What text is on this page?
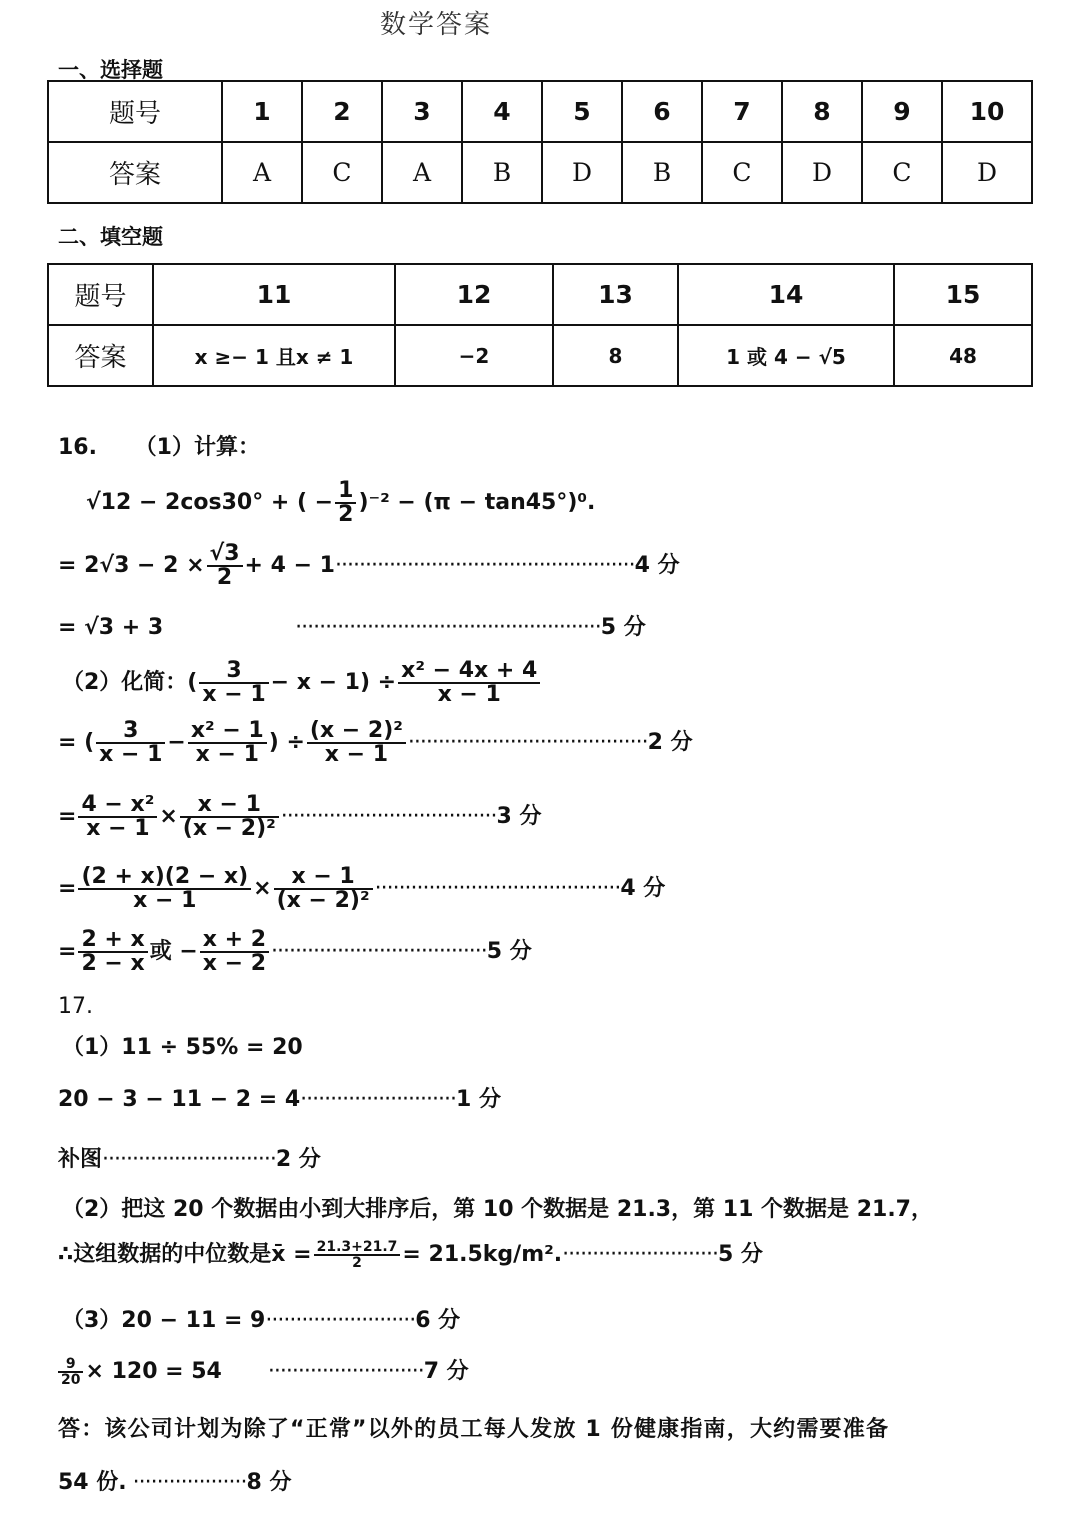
数学答案
一、选择题
题号	1	2	3	4	5	6	7	8	9	10
答案	A	C	A	B	D	B	C	D	C	D
二、填空题
题号	11	12	13	14	15
答案	x ≥− 1 且x ≠ 1	−2	8	1 或 4 − √5	48
16. （1）计算：
√12 − 2cos30° + ( − $\frac{1}{2} )^{-2} - (\pi - \tan 45^\circ)^0$.
= $2√3 - 2 \times \frac{√3}{2} + 4 - 1\cdot\cdot\cdot\cdot\cdot\cdot\cdot\cdot\cdot\cdot\cdot\cdot\cdot\cdot\cdot\cdot\cdot\cdot\cdot\cdot\cdot\cdot\cdot\cdot\cdot\cdot\cdot\cdot\cdot\cdot\cdot\cdot\cdot\cdot\cdot\cdot\cdot\cdot\cdot\cdot\cdot\cdot\cdot\cdot\cdot\cdot\cdot\cdot\cdot\cdot 4$ 分
= √3 + 3	···················································5 分
（2）化简：( $\frac{3}{x - 1} - x - 1) \div \frac{\text{x² − 4x + 4}}{x - 1}$
= ( $\frac{3}{x - 1} - \frac{\text{x² − 1}}{x - 1}$ ) ÷ $\frac{\text{(x − 2)²}}{x - 1} \cdot\cdot\cdot\cdot\cdot\cdot\cdot\cdot\cdot\cdot\cdot\cdot\cdot\cdot\cdot\cdot\cdot\cdot\cdot\cdot\cdot\cdot\cdot\cdot\cdot\cdot\cdot\cdot\cdot\cdot\cdot\cdot\cdot\cdot\cdot\cdot\cdot\cdot\cdot\cdot 2$ 分
= $\frac{\text{4 − x²}}{x - 1} \times \frac{x - 1}{\text{(x − 2)²}} \cdot\cdot\cdot\cdot\cdot\cdot\cdot\cdot\cdot\cdot\cdot\cdot\cdot\cdot\cdot\cdot\cdot\cdot\cdot\cdot\cdot\cdot\cdot\cdot\cdot\cdot\cdot\cdot\cdot\cdot\cdot\cdot\cdot\cdot\cdot\cdot 3$ 分
= $\frac{(2 + x)(2 - x)}{x - 1} \times \frac{x - 1}{\text{(x − 2)²}} \cdot\cdot\cdot\cdot\cdot\cdot\cdot\cdot\cdot\cdot\cdot\cdot\cdot\cdot\cdot\cdot\cdot\cdot\cdot\cdot\cdot\cdot\cdot\cdot\cdot\cdot\cdot\cdot\cdot\cdot\cdot\cdot\cdot\cdot\cdot\cdot\cdot\cdot\cdot\cdot\cdot 4$ 分
= $\frac{2 + x}{2 - x}$ 或 − $\frac{x + 2}{x - 2} \cdot\cdot\cdot\cdot\cdot\cdot\cdot\cdot\cdot\cdot\cdot\cdot\cdot\cdot\cdot\cdot\cdot\cdot\cdot\cdot\cdot\cdot\cdot\cdot\cdot\cdot\cdot\cdot\cdot\cdot\cdot\cdot\cdot\cdot\cdot\cdot 5$ 分
17.
（1）11 ÷ 55% = 20
20 − 3 − 11 − 2 = 4··························1 分
补图·····························2 分
（2）把这 20 个数据由小到大排序后，第 10 个数据是 21.3，第 11 个数据是 21.7，
∴这组数据的中位数是x̄ = $\frac{21.3+21.7}{2} = 21.5kg/m^2.\cdot\cdot\cdot\cdot\cdot\cdot\cdot\cdot\cdot\cdot\cdot\cdot\cdot\cdot\cdot\cdot\cdot\cdot\cdot\cdot\cdot\cdot\cdot\cdot\cdot\cdot 5$ 分
（3）20 − 11 = 9·························6 分
$\frac{9}{20} \times 120 = 54 \cdot\cdot\cdot\cdot\cdot\cdot\cdot\cdot\cdot\cdot\cdot\cdot\cdot\cdot\cdot\cdot\cdot\cdot\cdot\cdot\cdot\cdot\cdot\cdot\cdot\cdot 7$ 分
答：该公司计划为除了“正常”以外的员工每人发放 1 份健康指南，大约需要准备
54 份. ···················8 分
